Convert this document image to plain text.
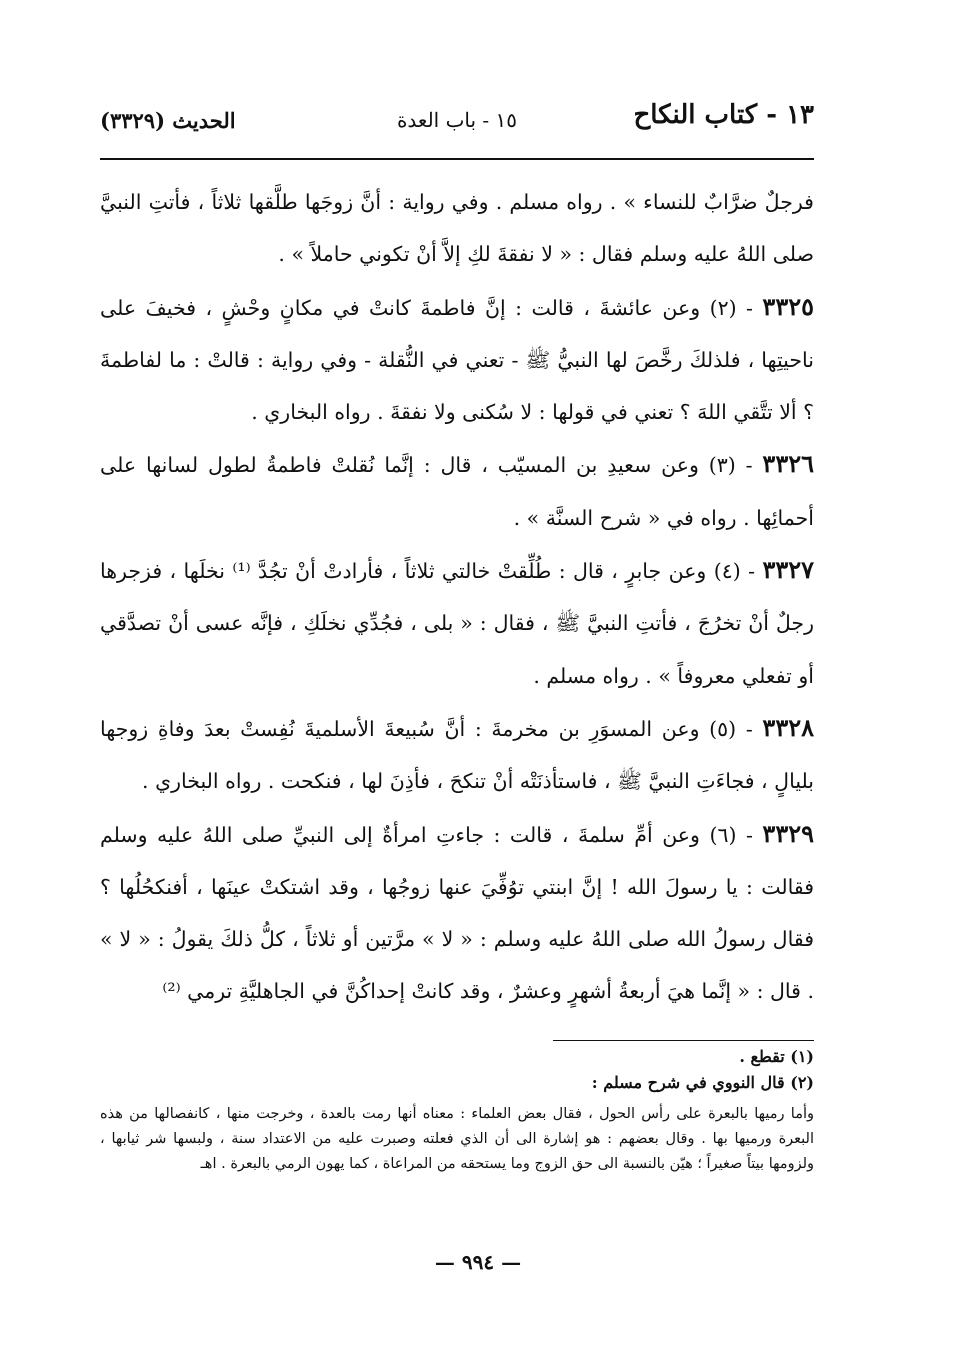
١٣ - كتاب النكاح
١٥ - باب العدة
الحديث (٣٣٢٩)

فرجلٌ ضرَّابٌ للنساء » . رواه مسلم . وفي رواية : أنَّ زوجَها طلَّقها ثلاثاً ، فأتتِ النبيَّ صلى اللهُ عليه وسلم فقال : « لا نفقةَ لكِ إلاَّ أنْ تكوني حاملاً » .

٣٣٢٥ - (٢) وعن عائشةَ ، قالت : إنَّ فاطمةَ كانتْ في مكانٍ وحْشٍ ، فخيفَ على ناحيتِها ، فلذلكَ رخَّصَ لها النبيُّ ﷺ - تعني في النُّقلة - وفي رواية : قالتْ : ما لفاطمةَ ؟ ألا تتَّقي اللهَ ؟ تعني في قولها : لا سُكنى ولا نفقةَ . رواه البخاري .

٣٣٢٦ - (٣) وعن سعيدِ بن المسيّب ، قال : إنَّما نُقلتْ فاطمةُ لطول لسانها على أحمائِها . رواه في « شرح السنَّة » .

٣٣٢٧ - (٤) وعن جابرٍ ، قال : طُلِّقتْ خالتي ثلاثاً ، فأرادتْ أنْ تجُدَّ ⁽¹⁾ نخلَها ، فزجرها رجلٌ أنْ تخرُجَ ، فأتتِ النبيَّ ﷺ ، فقال : « بلى ، فجُدِّي نخلَكِ ، فإنَّه عسى أنْ تصدَّقي أو تفعلي معروفاً » . رواه مسلم .

٣٣٢٨ - (٥) وعن المسوَرِ بن مخرمةَ : أنَّ سُبيعةَ الأسلميةَ نُفِستْ بعدَ وفاةِ زوجها بليالٍ ، فجاءَتِ النبيَّ ﷺ ، فاستأذنَتْه أنْ تنكحَ ، فأذِنَ لها ، فنكحت . رواه البخاري .

٣٣٢٩ - (٦) وعن أمِّ سلمةَ ، قالت : جاءتِ امرأةٌ إلى النبيِّ صلى اللهُ عليه وسلم فقالت : يا رسولَ الله ! إنَّ ابنتي توُفِّيَ عنها زوجُها ، وقد اشتكتْ عينَها ، أفنكحُلُها ؟ فقال رسولُ الله صلى اللهُ عليه وسلم : « لا » مرَّتين أو ثلاثاً ، كلُّ ذلكَ يقولُ : « لا » . قال : « إنَّما هيَ أربعةُ أشهرٍ وعشرٌ ، وقد كانتْ إحداكُنَّ في الجاهليَّةِ ترمي ⁽²⁾

(١) تقطع .

(٢) قال النووي في شرح مسلم :

وأما رميها بالبعرة على رأس الحول ، فقال بعض العلماء : معناه أنها رمت بالعدة ، وخرجت منها ، كانفصالها من هذه البعرة ورميها بها . وقال بعضهم : هو إشارة الى أن الذي فعلته وصبرت عليه من الاعتداد سنة ، ولبسها شر ثيابها ، ولزومها بيتاً صغيراً ؛ هيّن بالنسبة الى حق الزوج وما يستحقه من المراعاة ، كما يهون الرمي بالبعرة . اهـ

— ٩٩٤ —
